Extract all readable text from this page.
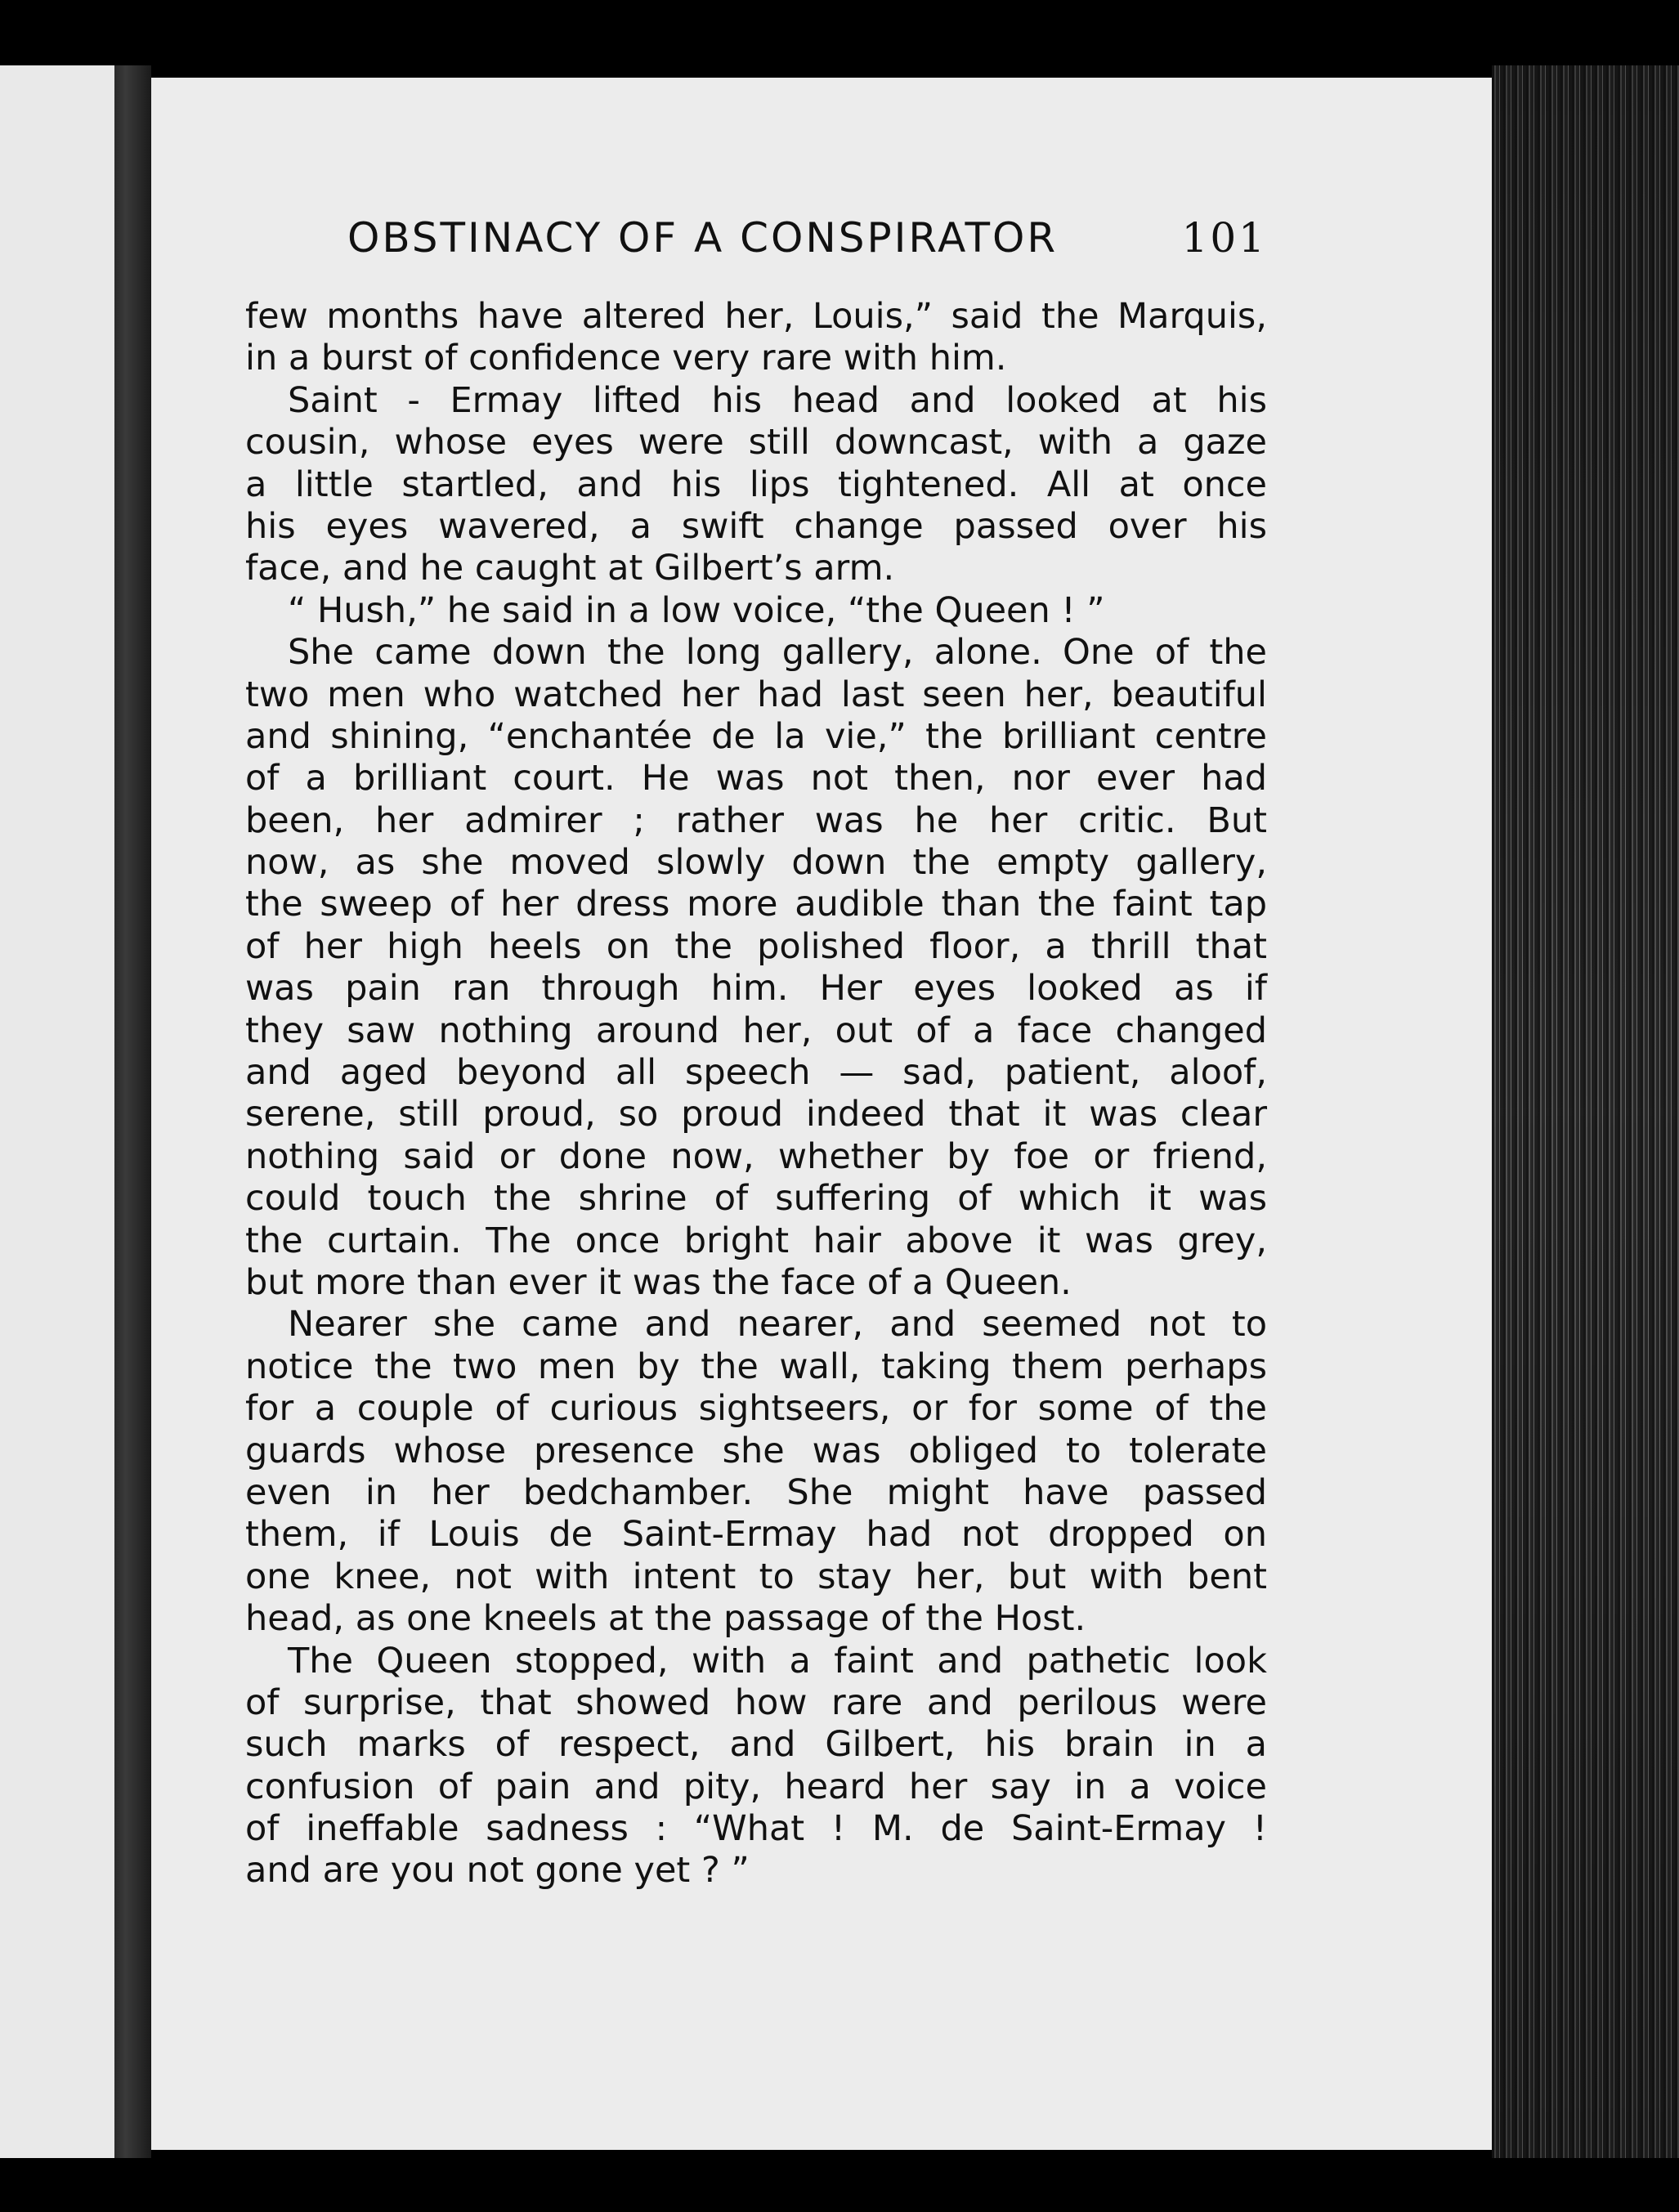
OBSTINACY OF A CONSPIRATOR	101
few months have altered her, Louis,” said the Marquis,
in a burst of confidence very rare with him.
Saint - Ermay lifted his head and looked at his
cousin, whose eyes were still downcast, with a gaze
a little startled, and his lips tightened. All at once
his eyes wavered, a swift change passed over his
face, and he caught at Gilbert’s arm.
“ Hush,” he said in a low voice, “the Queen ! ”
She came down the long gallery, alone. One of the
two men who watched her had last seen her, beautiful
and shining, “enchantée de la vie,” the brilliant centre
of a brilliant court. He was not then, nor ever had
been, her admirer ; rather was he her critic. But
now, as she moved slowly down the empty gallery,
the sweep of her dress more audible than the faint tap
of her high heels on the polished floor, a thrill that
was pain ran through him. Her eyes looked as if
they saw nothing around her, out of a face changed
and aged beyond all speech — sad, patient, aloof,
serene, still proud, so proud indeed that it was clear
nothing said or done now, whether by foe or friend,
could touch the shrine of suffering of which it was
the curtain. The once bright hair above it was grey,
but more than ever it was the face of a Queen.
Nearer she came and nearer, and seemed not to
notice the two men by the wall, taking them perhaps
for a couple of curious sightseers, or for some of the
guards whose presence she was obliged to tolerate
even in her bedchamber. She might have passed
them, if Louis de Saint-Ermay had not dropped on
one knee, not with intent to stay her, but with bent
head, as one kneels at the passage of the Host.
The Queen stopped, with a faint and pathetic look
of surprise, that showed how rare and perilous were
such marks of respect, and Gilbert, his brain in a
confusion of pain and pity, heard her say in a voice
of ineffable sadness : “What ! M. de Saint-Ermay !
and are you not gone yet ? ”
